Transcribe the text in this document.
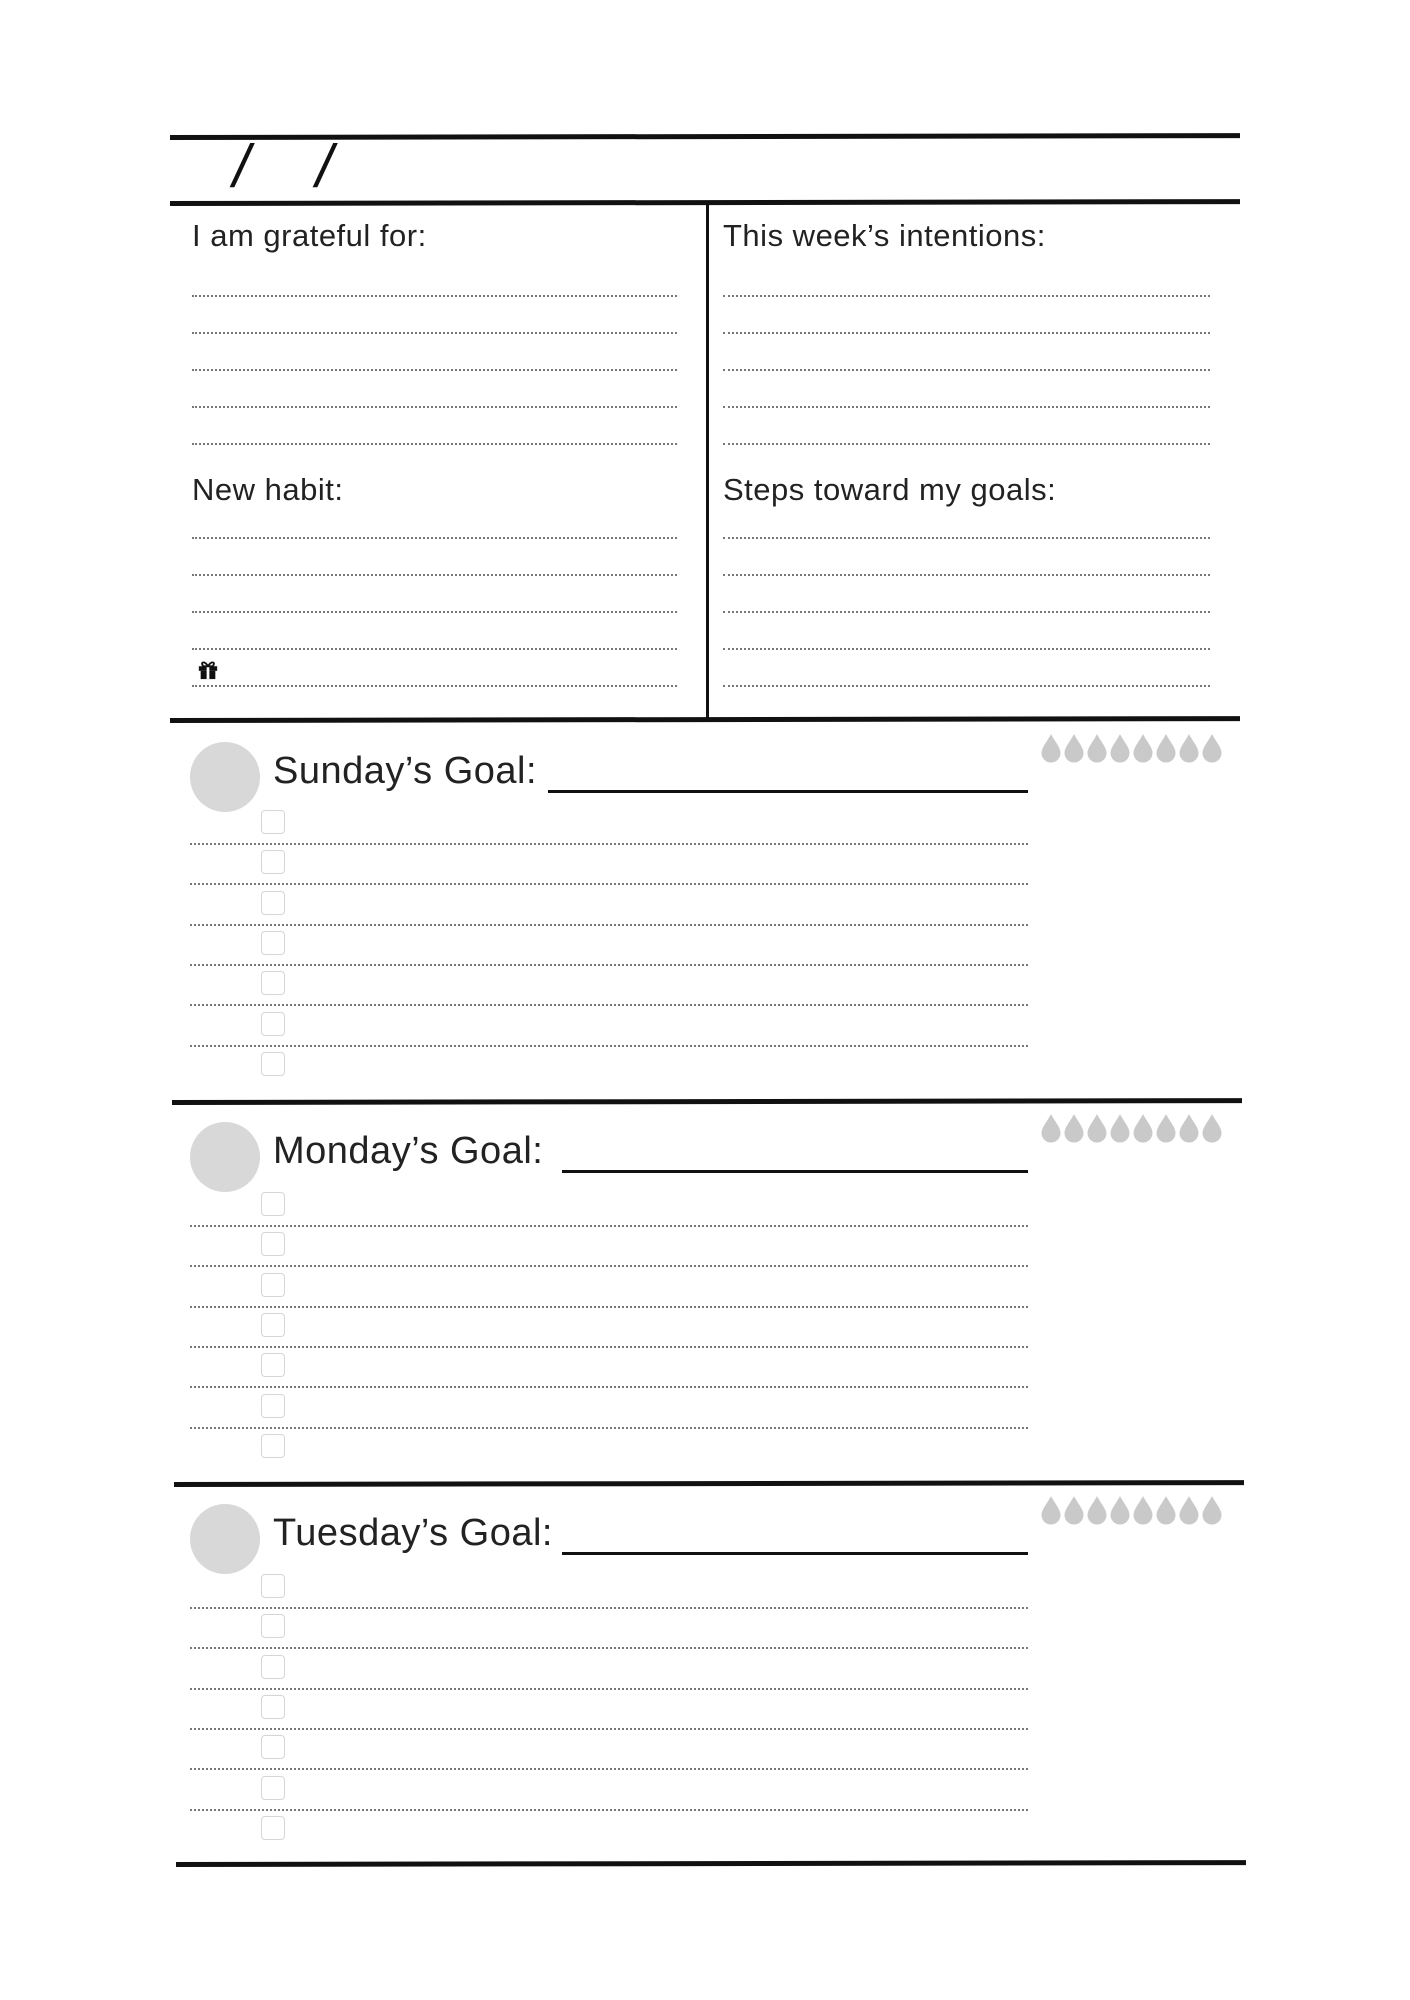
/ /
I am grateful for:	This week’s intentions:
New habit:	Steps toward my goals:
Sunday’s Goal:
Monday’s Goal:
Tuesday’s Goal:
